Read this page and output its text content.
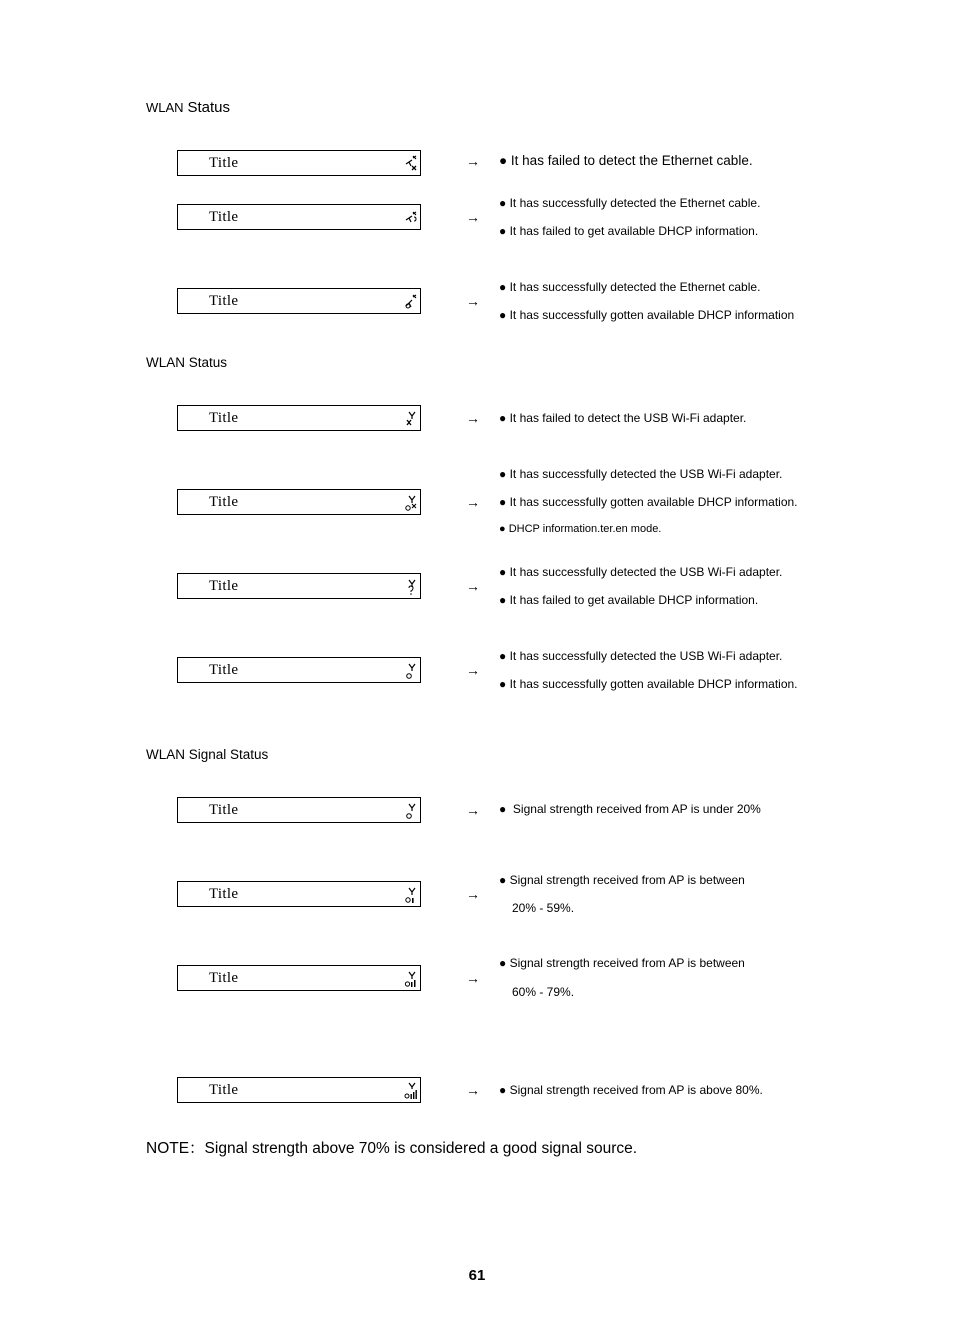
WLAN Status
Title	→ ● It has failed to detect the Ethernet cable.
Title	→
● It has successfully detected the Ethernet cable.
● It has failed to get available DHCP information.
Title	→
● It has successfully detected the Ethernet cable.
● It has successfully gotten available DHCP information
WLAN Status
Title	→ ● It has failed to detect the USB Wi-Fi adapter.
Title	→
● It has successfully detected the USB Wi-Fi adapter.
● It has successfully gotten available DHCP information.
● DHCP information.ter.en mode.
Title	→
● It has successfully detected the USB Wi-Fi adapter.
● It has failed to get available DHCP information.
Title	→
● It has successfully detected the USB Wi-Fi adapter.
● It has successfully gotten available DHCP information.
WLAN Signal Status
Title	→ ● Signal strength received from AP is under 20%
Title	→
● Signal strength received from AP is between
20% - 59%.
Title	→
● Signal strength received from AP is between
60% - 79%.
Title	→ ● Signal strength received from AP is above 80%.
NOTE：Signal strength above 70% is considered a good signal source.
61
